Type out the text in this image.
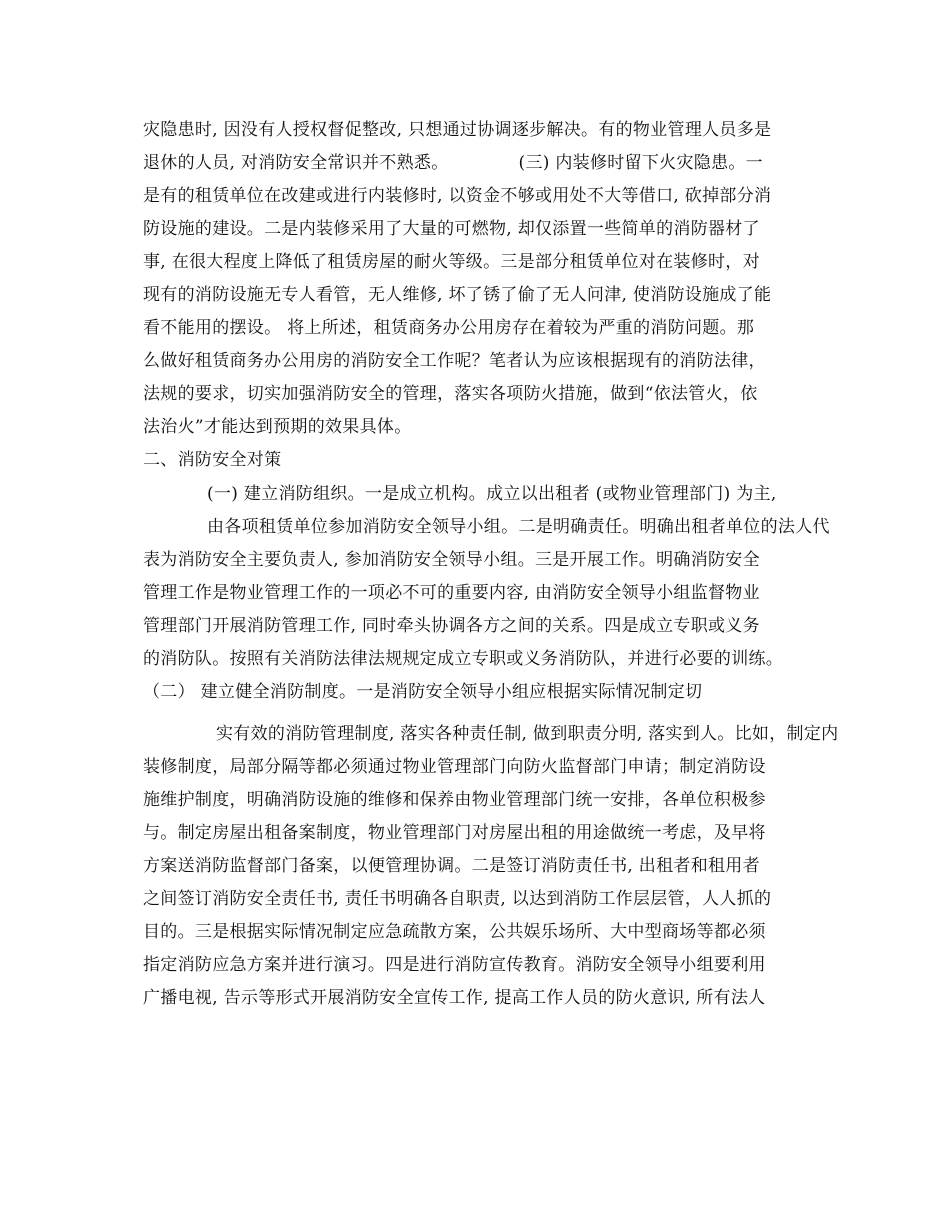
灾隐患时, 因没有人授权督促整改, 只想通过协调逐步解决。有的物业管理人员多是
退休的人员, 对消防安全常识并不熟悉。	(三) 内装修时留下火灾隐患。一
是有的租赁单位在改建或进行内装修时, 以资金不够或用处不大等借口, 砍掉部分消
防设施的建设。二是内装修采用了大量的可燃物, 却仅添置一些简单的消防器材了
事, 在很大程度上降低了租赁房屋的耐火等级。三是部分租赁单位对在装修时，对
现有的消防设施无专人看管，无人维修, 坏了锈了偷了无人问津, 使消防设施成了能
看不能用的摆设。 将上所述，租赁商务办公用房存在着较为严重的消防问题。那
么做好租赁商务办公用房的消防安全工作呢？笔者认为应该根据现有的消防法律，
法规的要求，切实加强消防安全的管理，落实各项防火措施，做到“依法管火，依
法治火”才能达到预期的效果具体。
二、消防安全对策
(一) 建立消防组织。一是成立机构。成立以出租者 (或物业管理部门) 为主,
由各项租赁单位参加消防安全领导小组。二是明确责任。明确出租者单位的法人代
表为消防安全主要负责人, 参加消防安全领导小组。三是开展工作。明确消防安全
管理工作是物业管理工作的一项必不可的重要内容, 由消防安全领导小组监督物业
管理部门开展消防管理工作, 同时牵头协调各方之间的关系。四是成立专职或义务
的消防队。按照有关消防法律法规规定成立专职或义务消防队，并进行必要的训练。
（二） 建立健全消防制度。一是消防安全领导小组应根据实际情况制定切
实有效的消防管理制度, 落实各种责任制, 做到职责分明, 落实到人。比如，制定内
装修制度，局部分隔等都必须通过物业管理部门向防火监督部门申请；制定消防设
施维护制度，明确消防设施的维修和保养由物业管理部门统一安排，各单位积极参
与。制定房屋出租备案制度，物业管理部门对房屋出租的用途做统一考虑，及早将
方案送消防监督部门备案，以便管理协调。二是签订消防责任书, 出租者和租用者
之间签订消防安全责任书, 责任书明确各自职责, 以达到消防工作层层管，人人抓的
目的。三是根据实际情况制定应急疏散方案，公共娱乐场所、大中型商场等都必须
指定消防应急方案并进行演习。四是进行消防宣传教育。消防安全领导小组要利用
广播电视, 告示等形式开展消防安全宣传工作, 提高工作人员的防火意识, 所有法人
